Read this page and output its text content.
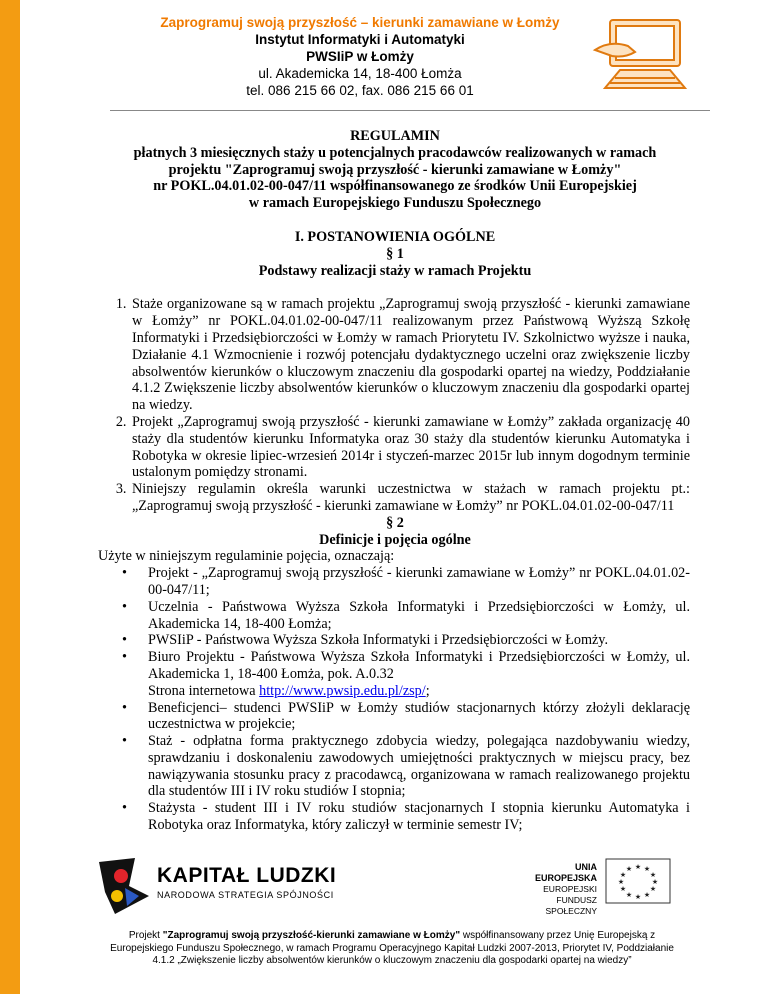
Zaprogramuj swoją przyszłość – kierunki zamawiane w Łomży
Instytut Informatyki i Automatyki
PWSIiP w Łomży
ul. Akademicka 14, 18-400 Łomża
tel. 086 215 66 02, fax. 086 215 66 01
REGULAMIN
płatnych 3 miesięcznych staży u potencjalnych pracodawców realizowanych w ramach
projektu "Zaprogramuj swoją przyszłość - kierunki zamawiane w Łomży"
nr POKL.04.01.02-00-047/11 współfinansowanego ze środków Unii Europejskiej
w ramach Europejskiego Funduszu Społecznego
I. POSTANOWIENIA OGÓLNE
§ 1
Podstawy realizacji staży w ramach Projektu
1. Staże organizowane są w ramach projektu „Zaprogramuj swoją przyszłość - kierunki zamawiane w Łomży” nr POKL.04.01.02-00-047/11 realizowanym przez Państwową Wyższą Szkołę Informatyki i Przedsiębiorczości w Łomży w ramach Priorytetu IV. Szkolnictwo wyższe i nauka, Działanie 4.1 Wzmocnienie i rozwój potencjału dydaktycznego uczelni oraz zwiększenie liczby absolwentów kierunków o kluczowym znaczeniu dla gospodarki opartej na wiedzy, Poddziałanie 4.1.2 Zwiększenie liczby absolwentów kierunków o kluczowym znaczeniu dla gospodarki opartej na wiedzy.
2. Projekt „Zaprogramuj swoją przyszłość - kierunki zamawiane w Łomży” zakłada organizację 40 staży dla studentów kierunku Informatyka oraz 30 staży dla studentów kierunku Automatyka i Robotyka w okresie lipiec-wrzesień 2014r i styczeń-marzec 2015r lub innym dogodnym terminie ustalonym pomiędzy stronami.
3. Niniejszy regulamin określa warunki uczestnictwa w stażach w ramach projektu pt.: „Zaprogramuj swoją przyszłość - kierunki zamawiane w Łomży” nr POKL.04.01.02-00-047/11
§ 2
Definicje i pojęcia ogólne
Użyte w niniejszym regulaminie pojęcia, oznaczają:
• Projekt - „Zaprogramuj swoją przyszłość - kierunki zamawiane w Łomży” nr POKL.04.01.02-00-047/11;
• Uczelnia - Państwowa Wyższa Szkoła Informatyki i Przedsiębiorczości w Łomży, ul. Akademicka 14, 18-400 Łomża;
• PWSIiP - Państwowa Wyższa Szkoła Informatyki i Przedsiębiorczości w Łomży.
• Biuro Projektu - Państwowa Wyższa Szkoła Informatyki i Przedsiębiorczości w Łomży, ul. Akademicka 1, 18-400 Łomża, pok. A.0.32
Strona internetowa http://www.pwsip.edu.pl/zsp/;
• Beneficjenci– studenci PWSIiP w Łomży studiów stacjonarnych którzy złożyli deklarację uczestnictwa w projekcie;
• Staż - odpłatna forma praktycznego zdobycia wiedzy, polegająca nazdobywaniu wiedzy, sprawdzaniu i doskonaleniu zawodowych umiejętności praktycznych w miejscu pracy, bez nawiązywania stosunku pracy z pracodawcą, organizowana w ramach realizowanego projektu dla studentów III i IV roku studiów I stopnia;
• Stażysta - student III i IV roku studiów stacjonarnych I stopnia kierunku Automatyka i Robotyka oraz Informatyka, który zaliczył w terminie semestr IV;
KAPITAŁ LUDZKI
NARODOWA STRATEGIA SPÓJNOŚCI
UNIA EUROPEJSKA
EUROPEJSKI
FUNDUSZ SPOŁECZNY
★ ★
★
★
★
★
★
★
★
★
★
★
Projekt "Zaprogramuj swoją przyszłość-kierunki zamawiane w Łomży" współfinansowany przez Unię Europejską z
Europejskiego Funduszu Społecznego, w ramach Programu Operacyjnego Kapitał Ludzki 2007-2013, Priorytet IV, Poddziałanie
4.1.2 „Zwiększenie liczby absolwentów kierunków o kluczowym znaczeniu dla gospodarki opartej na wiedzy”
